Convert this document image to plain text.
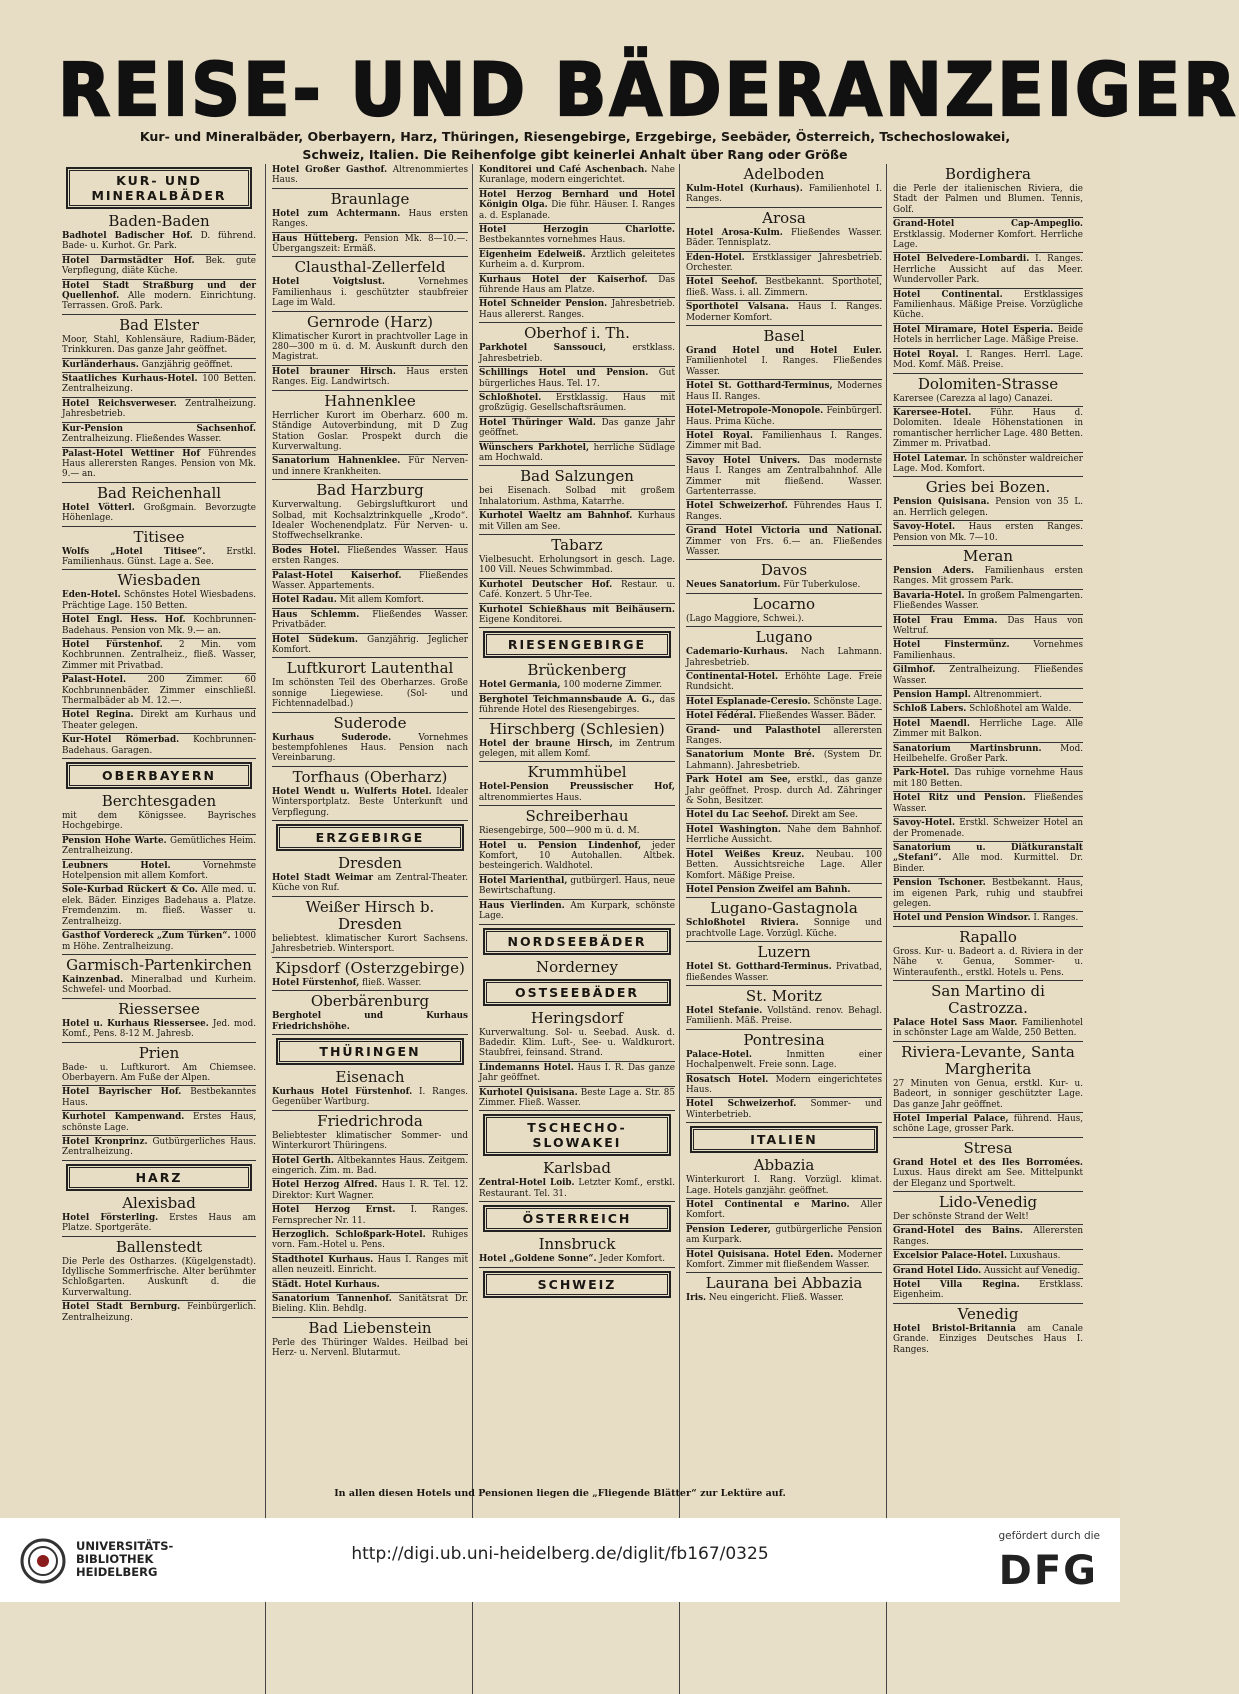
REISE- UND BÄDERANZEIGER
Kur- und Mineralbäder, Oberbayern, Harz, Thüringen, Riesengebirge, Erzgebirge, Seebäder, Österreich, Tschechoslowakei, Schweiz, Italien. Die Reihenfolge gibt keinerlei Anhalt über Rang oder Größe
KUR- UND MINERALBÄDER
Baden-Baden
Badhotel Badischer Hof. D. führend. Bade- u. Kurhot. Gr. Park.
Hotel Darmstädter Hof. Bek. gute Verpflegung, diäte Küche.
Hotel Stadt Straßburg und der Quellenhof. Alle modern. Einrichtung. Terrassen. Groß. Park.
Bad Elster
Moor, Stahl, Kohlensäure, Radium-Bäder, Trinkkuren. Das ganze Jahr geöffnet.
Kurländerhaus. Ganzjährig geöffnet.
Staatliches Kurhaus-Hotel. 100 Betten. Zentralheizung.
Hotel Reichsverweser. Zentralheizung. Jahresbetrieb.
Kur-Pension Sachsenhof. Zentralheizung. Fließendes Wasser.
Palast-Hotel Wettiner Hof Führendes Haus allerersten Ranges. Pension von Mk. 9.— an.
Bad Reichenhall
Hotel Vötterl. Großgmain. Bevorzugte Höhenlage.
Titisee
Wolfs „Hotel Titisee“. Erstkl. Familienhaus. Günst. Lage a. See.
Wiesbaden
Eden-Hotel. Schönstes Hotel Wiesbadens. Prächtige Lage. 150 Betten.
Hotel Engl. Hess. Hof. Kochbrunnen-Badehaus. Pension von Mk. 9.— an.
Hotel Fürstenhof. 2 Min. vom Kochbrunnen. Zentralheiz., fließ. Wasser, Zimmer mit Privatbad.
Palast-Hotel. 200 Zimmer. 60 Kochbrunnenbäder. Zimmer einschließl. Thermalbäder ab M. 12.—.
Hotel Regina. Direkt am Kurhaus und Theater gelegen.
Kur-Hotel Römerbad. Kochbrunnen-Badehaus. Garagen.
OBERBAYERN
Berchtesgaden
mit dem Königssee. Bayrisches Hochgebirge.
Pension Hohe Warte. Gemütliches Heim. Zentralheizung.
Leubners Hotel.	Vornehmste Hotelpension mit allem Komfort.
Sole-Kurbad Rückert & Co. Alle med. u. elek. Bäder. Einziges Badehaus a. Platze. Fremdenzim. m. fließ. Wasser u. Zentralheizg.
Gasthof Vordereck „Zum Türken“. 1000 m Höhe. Zentralheizung.
Garmisch-Partenkirchen
Kainzenbad. Mineralbad und Kurheim. Schwefel- und Moorbad.
Riessersee
Hotel u. Kurhaus Riessersee. Jed. mod. Komf., Pens. 8-12 M. Jahresb.
Prien
Bade- u. Luftkurort. Am Chiemsee. Oberbayern. Am Fuße der Alpen.
Hotel Bayrischer Hof. Bestbekanntes Haus.
Kurhotel Kampenwand. Erstes Haus, schönste Lage.
Hotel Kronprinz. Gutbürgerliches Haus. Zentralheizung.
HARZ
Alexisbad
Hotel Försterling. Erstes Haus am Platze. Sportgeräte.
Ballenstedt
Die Perle des Ostharzes. (Kügelgenstadt). Idyllische Sommerfrische. Alter berühmter Schloßgarten. Auskunft d. die Kurverwaltung.
Hotel Stadt Bernburg. Feinbürgerlich. Zentralheizung.
Hotel Großer Gasthof. Altrenommiertes Haus.
Braunlage
Hotel zum Achtermann. Haus ersten Ranges.
Haus Hütteberg. Pension Mk. 8—10.—. Übergangszeit: Ermäß.
Clausthal-Zellerfeld
Hotel Voigtslust.	Vornehmes Familienhaus i. geschützter staubfreier Lage im Wald.
Gernrode (Harz)
Klimatischer Kurort in prachtvoller Lage in 280—300 m ü. d. M. Auskunft durch den Magistrat.
Hotel brauner Hirsch. Haus ersten Ranges. Eig. Landwirtsch.
Hahnenklee
Herrlicher Kurort im Oberharz. 600 m. Ständige Autoverbindung, mit D Zug Station Goslar. Prospekt durch die Kurverwaltung.
Sanatorium Hahnenklee. Für Nerven- und innere Krankheiten.
Bad Harzburg
Kurverwaltung. Gebirgsluftkurort und Solbad, mit Kochsalztrinkquelle „Krodo“. Idealer Wochenendplatz. Für Nerven- u. Stoffwechselkranke.
Bodes Hotel. Fließendes Wasser. Haus ersten Ranges.
Palast-Hotel Kaiserhof. Fließendes Wasser. Appartements.
Hotel Radau. Mit allem Komfort.
Haus Schlemm. Fließendes Wasser. Privatbäder.
Hotel Südekum. Ganzjährig. Jeglicher Komfort.
Luftkurort Lautenthal
Im schönsten Teil des Oberharzes. Große sonnige Liegewiese. (Sol- und Fichtennadelbad.)
Suderode
Kurhaus Suderode.	Vornehmes bestempfohlenes Haus. Pension nach Vereinbarung.
Torfhaus (Oberharz)
Hotel Wendt u. Wulferts Hotel. Idealer Wintersportplatz. Beste Unterkunft und Verpflegung.
ERZGEBIRGE
Dresden
Hotel Stadt Weimar am Zentral-Theater. Küche von Ruf.
Weißer Hirsch b. Dresden
beliebtest. klimatischer Kurort Sachsens. Jahresbetrieb. Wintersport.
Kipsdorf (Osterzgebirge)
Hotel Fürstenhof, fließ. Wasser.
Oberbärenburg
Berghotel und Kurhaus Friedrichshöhe.
THÜRINGEN
Eisenach
Kurhaus Hotel Fürstenhof. I. Ranges. Gegenüber Wartburg.
Friedrichroda
Beliebtester klimatischer Sommer- und Winterkurort Thüringens.
Hotel Gerth. Altbekanntes Haus. Zeitgem. eingerich. Zim. m. Bad.
Hotel Herzog Alfred. Haus I. R. Tel. 12. Direktor: Kurt Wagner.
Hotel Herzog Ernst. I. Ranges. Fernsprecher Nr. 11.
Herzoglich. Schloßpark-Hotel. Ruhiges vorn. Fam.-Hotel u. Pens.
Stadthotel Kurhaus. Haus I. Ranges mit allen neuzeitl. Einricht.
Städt. Hotel Kurhaus.
Sanatorium Tannenhof. Sanitätsrat Dr. Bieling. Klin. Behdlg.
Bad Liebenstein
Perle des Thüringer Waldes. Heilbad bei Herz- u. Nervenl. Blutarmut.
Konditorei und Café Aschenbach. Nahe Kuranlage, modern eingerichtet.
Hotel Herzog Bernhard und Hotel Königin Olga. Die führ. Häuser. I. Ranges a. d. Esplanade.
Hotel Herzogin Charlotte. Bestbekanntes vornehmes Haus.
Eigenheim Edelweiß. Ärztlich geleitetes Kurheim a. d. Kurprom.
Kurhaus Hotel der Kaiserhof. Das führende Haus am Platze.
Hotel Schneider Pension. Jahresbetrieb. Haus allererst. Ranges.
Oberhof i. Th.
Parkhotel Sanssouci,	erstklass. Jahresbetrieb.
Schillings Hotel und Pension. Gut bürgerliches Haus. Tel. 17.
Schloßhotel. Erstklassig. Haus mit großzügig. Gesellschaftsräumen.
Hotel Thüringer Wald. Das ganze Jahr geöffnet.
Wünschers Parkhotel, herrliche Südlage am Hochwald.
Bad Salzungen
bei Eisenach. Solbad mit großem Inhalatorium. Asthma, Katarrhe.
Kurhotel Waeltz am Bahnhof. Kurhaus mit Villen am See.
Tabarz
Vielbesucht. Erholungsort in gesch. Lage. 100 Vill. Neues Schwimmbad.
Kurhotel Deutscher Hof. Restaur. u. Café. Konzert. 5 Uhr-Tee.
Kurhotel Schießhaus mit Beihäusern. Eigene Konditorei.
RIESENGEBIRGE
Brückenberg
Hotel Germania, 100 moderne Zimmer.
Berghotel Teichmannsbaude A. G., das führende Hotel des Riesengebirges.
Hirschberg (Schlesien)
Hotel der braune Hirsch, im Zentrum gelegen, mit allem Komf.
Krummhübel
Hotel-Pension Preussischer Hof, altrenommiertes Haus.
Schreiberhau
Riesengebirge, 500—900 m ü. d. M.
Hotel u. Pension Lindenhof, jeder Komfort, 10 Autohallen. Altbek. besteingerich. Waldhotel.
Hotel Marienthal, gutbürgerl. Haus, neue Bewirtschaftung.
Haus Vierlinden. Am Kurpark, schönste Lage.
NORDSEEBÄDER
Norderney
OSTSEEBÄDER
Heringsdorf
Kurverwaltung. Sol- u. Seebad. Ausk. d. Badedir. Klim. Luft-, See- u. Waldkurort. Staubfrei, feinsand. Strand.
Lindemanns Hotel. Haus I. R. Das ganze Jahr geöffnet.
Kurhotel Quisisana. Beste Lage a. Str. 85 Zimmer. Fließ. Wasser.
TSCHECHO-SLOWAKEI
Karlsbad
Zentral-Hotel Loib. Letzter Komf., erstkl. Restaurant. Tel. 31.
ÖSTERREICH
Innsbruck
Hotel „Goldene Sonne“. Jeder Komfort.
SCHWEIZ
Adelboden
Kulm-Hotel (Kurhaus). Familienhotel I. Ranges.
Arosa
Hotel Arosa-Kulm. Fließendes Wasser. Bäder. Tennisplatz.
Eden-Hotel. Erstklassiger Jahresbetrieb. Orchester.
Hotel Seehof. Bestbekannt. Sporthotel, fließ. Wass. i. all. Zimmern.
Sporthotel Valsana. Haus I. Ranges. Moderner Komfort.
Basel
Grand Hotel und Hotel Euler. Familienhotel I. Ranges. Fließendes Wasser.
Hotel St. Gotthard-Terminus, Modernes Haus II. Ranges.
Hotel-Metropole-Monopole. Feinbürgerl. Haus. Prima Küche.
Hotel Royal. Familienhaus I. Ranges. Zimmer mit Bad.
Savoy Hotel Univers. Das modernste Haus I. Ranges am Zentralbahnhof. Alle Zimmer mit fließend. Wasser. Gartenterrasse.
Hotel Schweizerhof. Führendes Haus I. Ranges.
Grand Hotel Victoria und National. Zimmer von Frs. 6.— an. Fließendes Wasser.
Davos
Neues Sanatorium. Für Tuberkulose.
Locarno
(Lago Maggiore, Schwei.).
Lugano
Cademario-Kurhaus. Nach Lahmann. Jahresbetrieb.
Continental-Hotel. Erhöhte Lage. Freie Rundsicht.
Hotel Esplanade-Ceresio. Schönste Lage.
Hotel Fédéral. Fließendes Wasser. Bäder.
Grand- und Palasthotel allerersten Ranges.
Sanatorium Monte Bré. (System Dr. Lahmann). Jahresbetrieb.
Park Hotel am See, erstkl., das ganze Jahr geöffnet. Prosp. durch Ad. Zähringer & Sohn, Besitzer.
Hotel du Lac Seehof. Direkt am See.
Hotel Washington. Nahe dem Bahnhof. Herrliche Aussicht.
Hotel Weißes Kreuz. Neubau. 100 Betten. Aussichtsreiche Lage. Aller Komfort. Mäßige Preise.
Hotel Pension Zweifel am Bahnh.
Lugano-Gastagnola
Schloßhotel Riviera. Sonnige und prachtvolle Lage. Vorzügl. Küche.
Luzern
Hotel St. Gotthard-Terminus. Privatbad, fließendes Wasser.
St. Moritz
Hotel Stefanie. Vollständ. renov. Behagl. Familienh. Mäß. Preise.
Pontresina
Palace-Hotel.	Inmitten einer Hochalpenwelt. Freie sonn. Lage.
Rosatsch Hotel. Modern eingerichtetes Haus.
Hotel Schweizerhof. Sommer- und Winterbetrieb.
ITALIEN
Abbazia
Winterkurort I. Rang. Vorzügl. klimat. Lage. Hotels ganzjähr. geöffnet.
Hotel Continental e Marino. Aller Komfort.
Pension Lederer, gutbürgerliche Pension am Kurpark.
Hotel Quisisana. Hotel Eden. Moderner Komfort. Zimmer mit fließendem Wasser.
Laurana bei Abbazia
Iris. Neu eingericht. Fließ. Wasser.
Bordighera
die Perle der italienischen Riviera, die Stadt der Palmen und Blumen. Tennis, Golf.
Grand-Hotel Cap-Ampeglio. Erstklassig. Moderner Komfort. Herrliche Lage.
Hotel Belvedere-Lombardi. I. Ranges. Herrliche Aussicht auf das Meer. Wundervoller Park.
Hotel Continental. Erstklassiges Familienhaus. Mäßige Preise. Vorzügliche Küche.
Hotel Miramare, Hotel Esperia. Beide Hotels in herrlicher Lage. Mäßige Preise.
Hotel Royal. I. Ranges. Herrl. Lage. Mod. Komf. Mäß. Preise.
Dolomiten-Strasse
Karersee (Carezza al lago) Canazei.
Karersee-Hotel. Führ. Haus d. Dolomiten. Ideale Höhenstationen in romantischer herrlicher Lage. 480 Betten. Zimmer m. Privatbad.
Hotel Latemar. In schönster waldreicher Lage. Mod. Komfort.
Gries bei Bozen.
Pension Quisisana. Pension von 35 L. an. Herrlich gelegen.
Savoy-Hotel. Haus ersten Ranges. Pension von Mk. 7—10.
Meran
Pension Aders. Familienhaus ersten Ranges. Mit grossem Park.
Bavaria-Hotel. In großem Palmengarten. Fließendes Wasser.
Hotel Frau Emma. Das Haus von Weltruf.
Hotel Finstermünz.	Vornehmes Familienhaus.
Gilmhof. Zentralheizung. Fließendes Wasser.
Pension Hampl. Altrenommiert.
Schloß Labers. Schloßhotel am Walde.
Hotel Maendl. Herrliche Lage. Alle Zimmer mit Balkon.
Sanatorium Martinsbrunn. Mod. Heilbehelfe. Großer Park.
Park-Hotel. Das ruhige vornehme Haus mit 180 Betten.
Hotel Ritz und Pension. Fließendes Wasser.
Savoy-Hotel. Erstkl. Schweizer Hotel an der Promenade.
Sanatorium u. Diätkuranstalt „Stefani“. Alle mod. Kurmittel. Dr. Binder.
Pension Tschoner. Bestbekannt. Haus, im eigenen Park, ruhig und staubfrei gelegen.
Hotel und Pension Windsor. I. Ranges.
Rapallo
Gross. Kur- u. Badeort a. d. Riviera in der Nähe v. Genua, Sommer- u. Winteraufenth., erstkl. Hotels u. Pens.
San Martino di Castrozza.
Palace Hotel Sass Maor. Familienhotel in schönster Lage am Walde, 250 Betten.
Riviera-Levante, Santa Margherita
27 Minuten von Genua, erstkl. Kur- u. Badeort, in sonniger geschützter Lage. Das ganze Jahr geöffnet.
Hotel Imperial Palace, führend. Haus, schöne Lage, grosser Park.
Stresa
Grand Hotel et des Iles Borromées. Luxus. Haus direkt am See. Mittelpunkt der Eleganz und Sportwelt.
Lido-Venedig
Der schönste Strand der Welt!
Grand-Hotel des Bains. Allerersten Ranges.
Excelsior Palace-Hotel. Luxushaus.
Grand Hotel Lido. Aussicht auf Venedig.
Hotel Villa Regina. Erstklass. Eigenheim.
Venedig
Hotel Bristol-Britannia am Canale Grande. Einziges Deutsches Haus I. Ranges.
In allen diesen Hotels und Pensionen liegen die „Fliegende Blätter“ zur Lektüre auf.
UNIVERSITÄTS-
BIBLIOTHEK
HEIDELBERG
http://digi.ub.uni-heidelberg.de/diglit/fb167/0325
gefördert durch die
DFG
